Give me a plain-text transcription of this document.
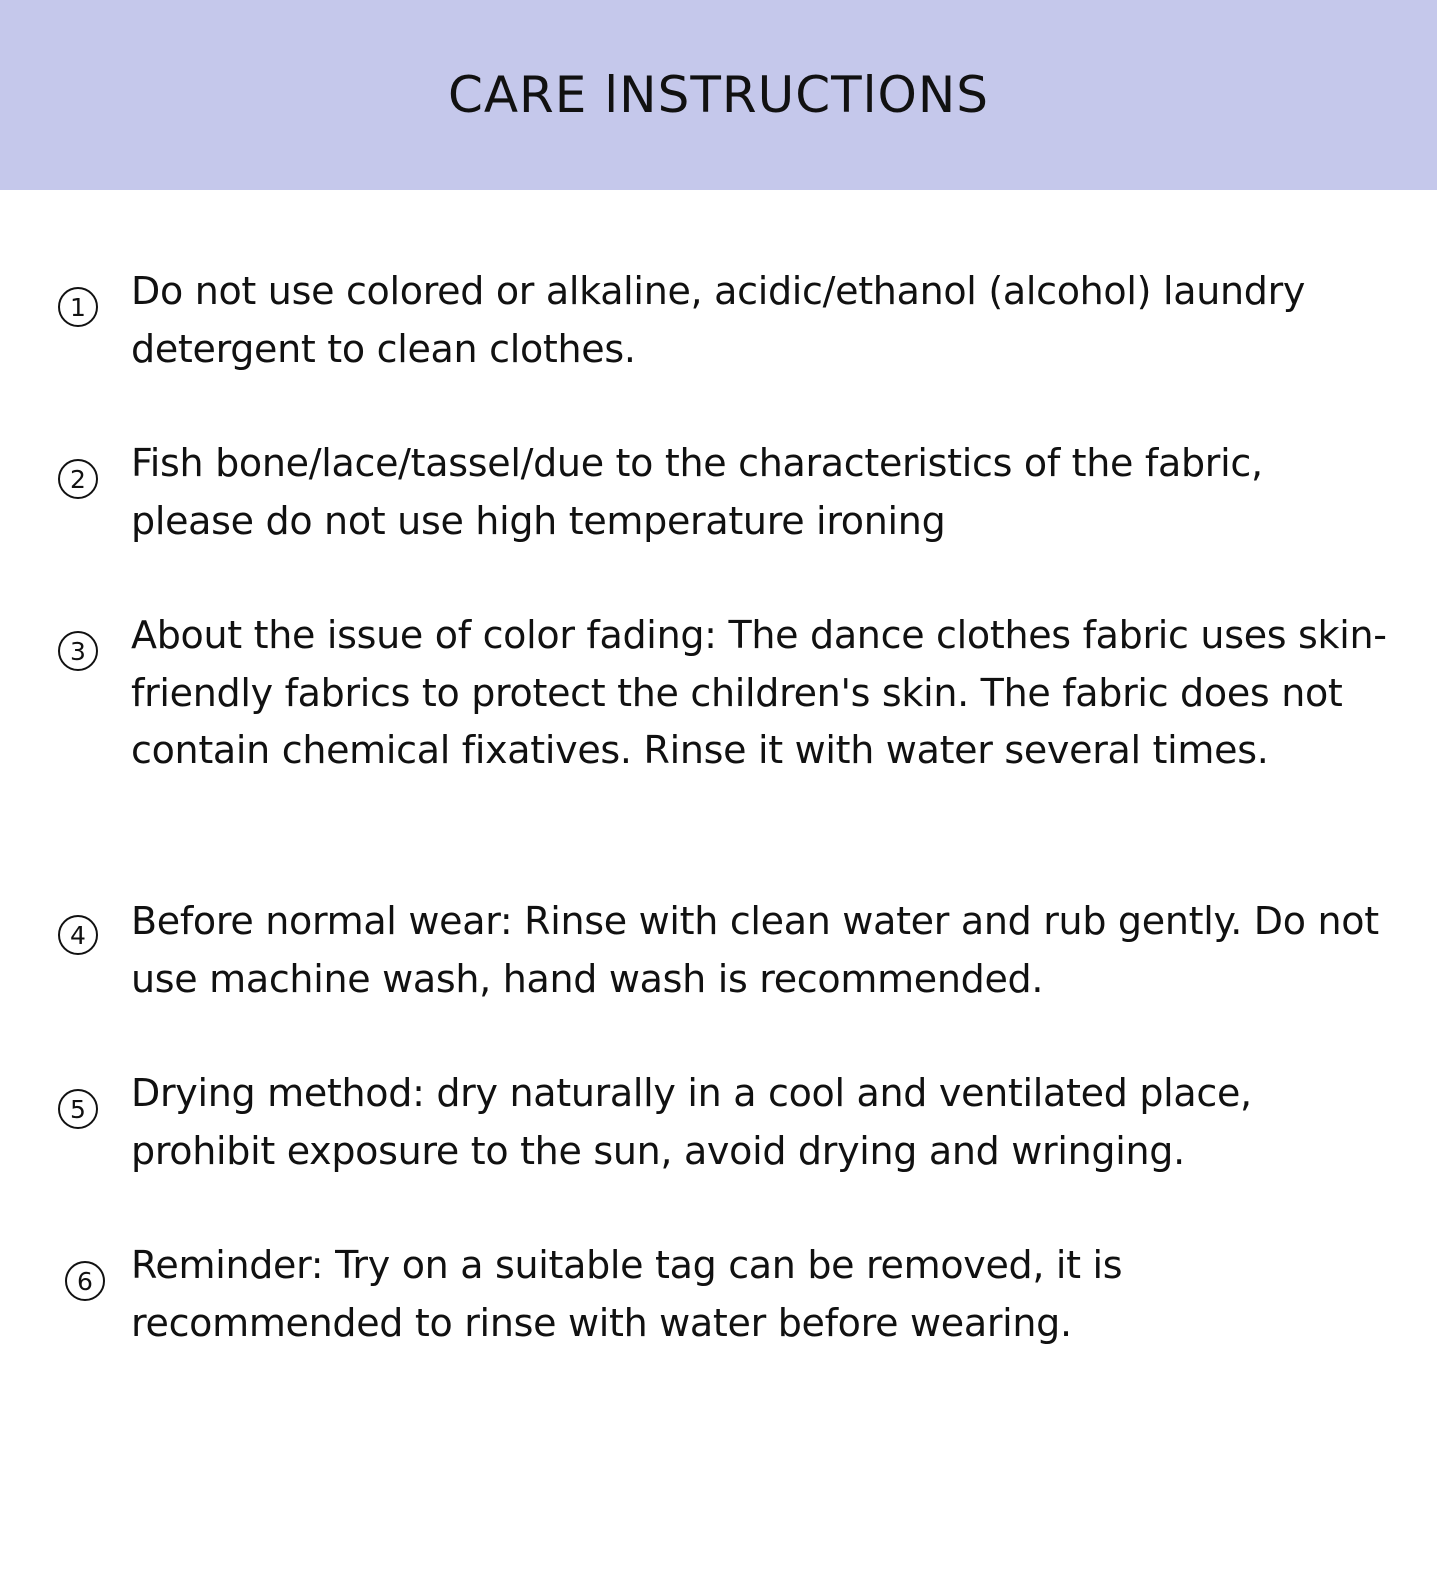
CARE lNSTRUCTlONS
1	Do not use colored or alkaline, acidic/ethanol (alcohol) laundry detergent to clean clothes.

2	Fish bone/lace/tassel/due to the characteristics of the fabric, please do not use high temperature ironing

3	About the issue of color fading: The dance clothes fabric uses skin-friendly fabrics to protect the children's skin. The fabric does not contain chemical fixatives. Rinse it with water several times.

4	Before normal wear: Rinse with clean water and rub gently. Do not use machine wash, hand wash is recommended.

5	Drying method: dry naturally in a cool and ventilated place, prohibit exposure to the sun, avoid drying and wringing.

6	Reminder: Try on a suitable tag can be removed, it is recommended to rinse with water before wearing.
